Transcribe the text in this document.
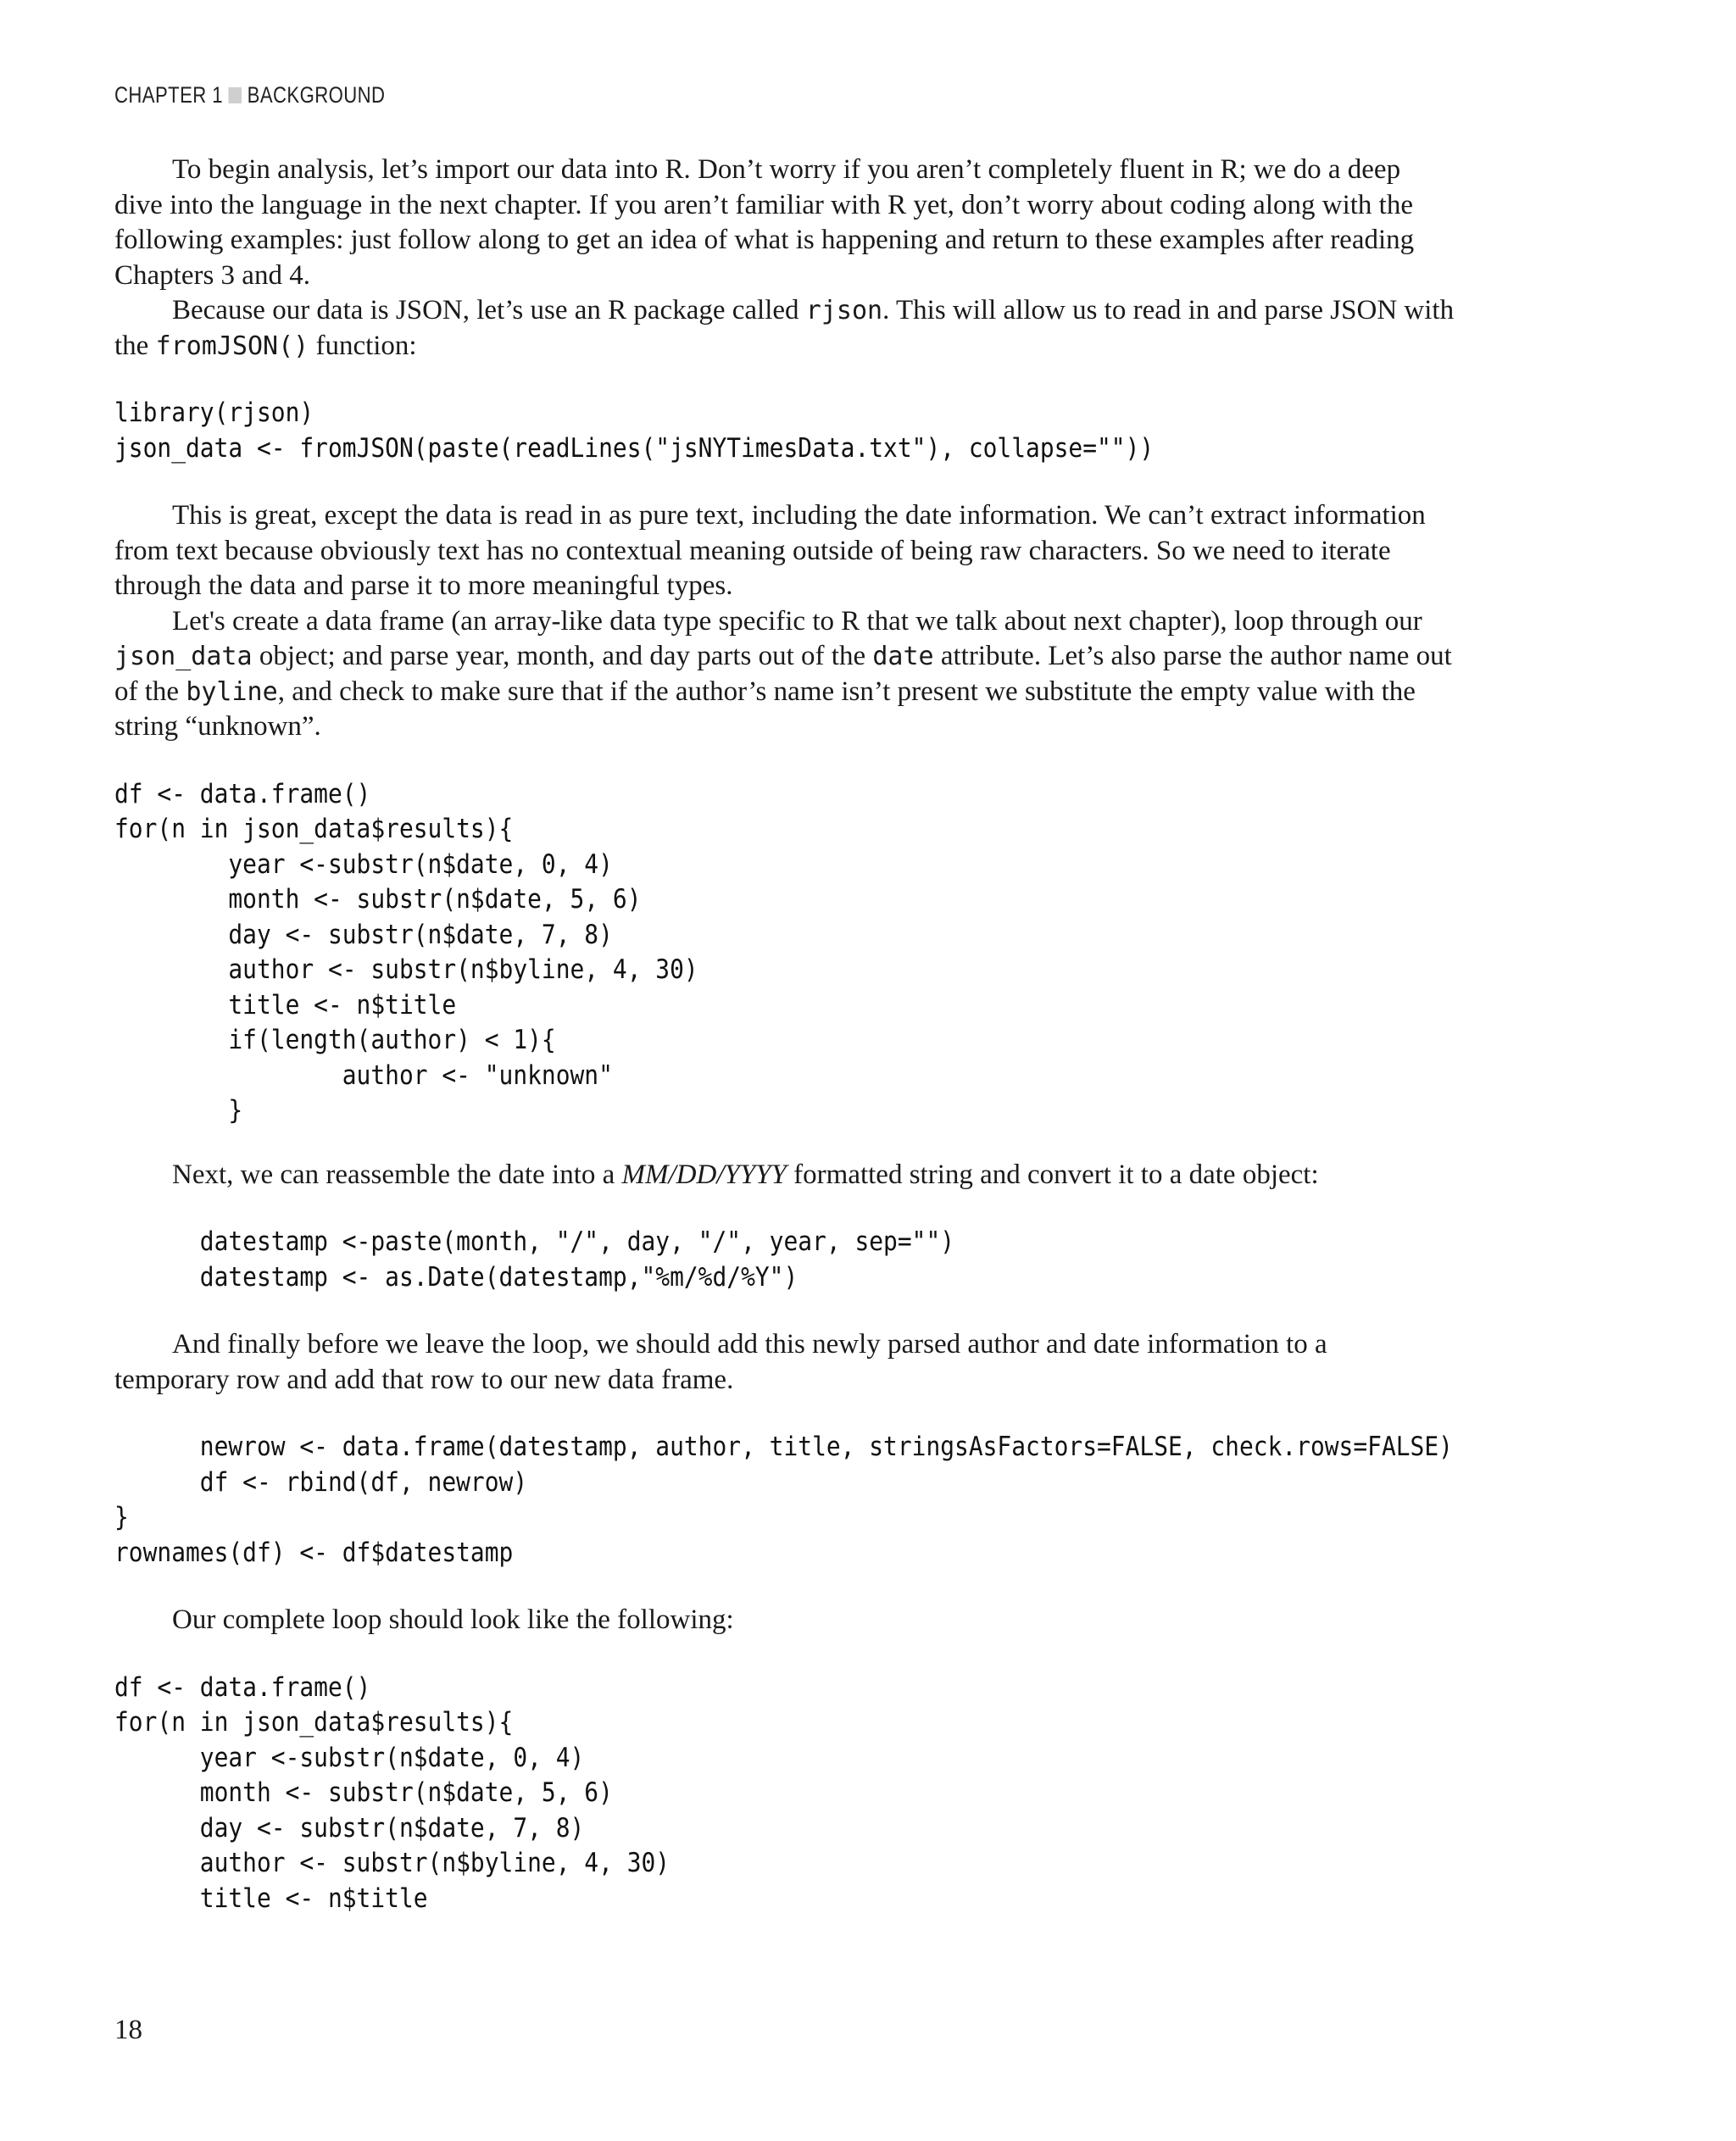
CHAPTER 1 BACKGROUND

To begin analysis, let’s import our data into R. Don’t worry if you aren’t completely fluent in R; we do a deep
dive into the language in the next chapter. If you aren’t familiar with R yet, don’t worry about coding along with the
following examples: just follow along to get an idea of what is happening and return to these examples after reading
Chapters 3 and 4.

Because our data is JSON, let’s use an R package called rjson. This will allow us to read in and parse JSON with
the fromJSON() function:

library(rjson)
json_data <- fromJSON(paste(readLines("jsNYTimesData.txt"), collapse=""))

This is great, except the data is read in as pure text, including the date information. We can’t extract information
from text because obviously text has no contextual meaning outside of being raw characters. So we need to iterate
through the data and parse it to more meaningful types.

Let's create a data frame (an array-like data type specific to R that we talk about next chapter), loop through our
json_data object; and parse year, month, and day parts out of the date attribute. Let’s also parse the author name out
of the byline, and check to make sure that if the author’s name isn’t present we substitute the empty value with the
string “unknown”.

df <- data.frame()
for(n in json_data$results){
year <-substr(n$date, 0, 4)
month <- substr(n$date, 5, 6)
day <- substr(n$date, 7, 8)
author <- substr(n$byline, 4, 30)
title <- n$title
if(length(author) < 1){
author <- "unknown"
}

Next, we can reassemble the date into a MM/DD/YYYY formatted string and convert it to a date object:

datestamp <-paste(month, "/", day, "/", year, sep="")
datestamp <- as.Date(datestamp,"%m/%d/%Y")

And finally before we leave the loop, we should add this newly parsed author and date information to a
temporary row and add that row to our new data frame.

newrow <- data.frame(datestamp, author, title, stringsAsFactors=FALSE, check.rows=FALSE)
df <- rbind(df, newrow)
}
rownames(df) <- df$datestamp

Our complete loop should look like the following:

df <- data.frame()
for(n in json_data$results){
year <-substr(n$date, 0, 4)
month <- substr(n$date, 5, 6)
day <- substr(n$date, 7, 8)
author <- substr(n$byline, 4, 30)
title <- n$title
18
